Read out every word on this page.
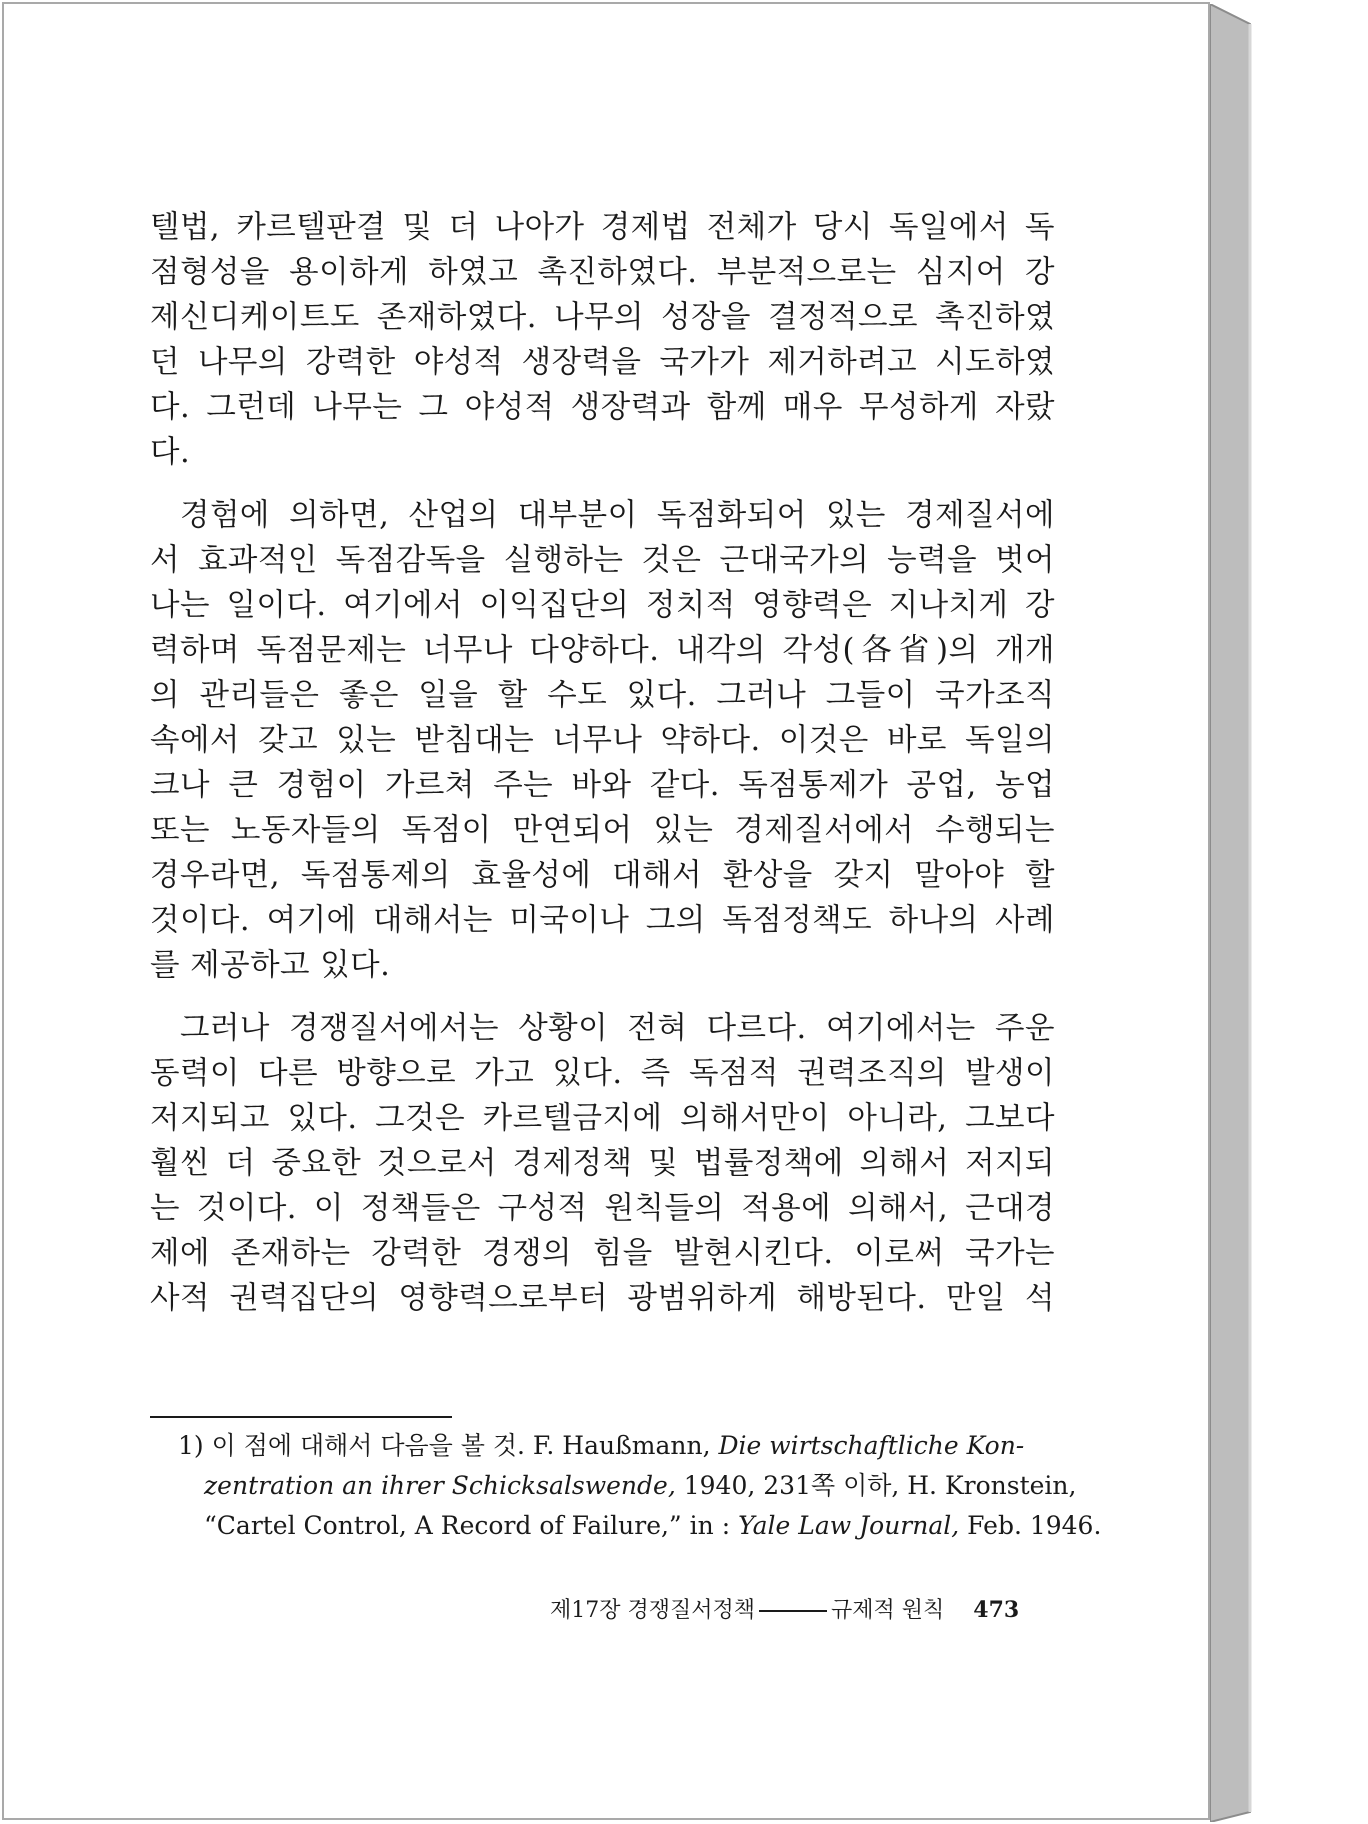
텔법, 카르텔판결 및 더 나아가 경제법 전체가 당시 독일에서 독
점형성을 용이하게 하였고 촉진하였다. 부분적으로는 심지어 강
제신디케이트도 존재하였다. 나무의 성장을 결정적으로 촉진하였
던 나무의 강력한 야성적 생장력을 국가가 제거하려고 시도하였
다. 그런데 나무는 그 야성적 생장력과 함께 매우 무성하게 자랐
다.
경험에 의하면, 산업의 대부분이 독점화되어 있는 경제질서에
서 효과적인 독점감독을 실행하는 것은 근대국가의 능력을 벗어
나는 일이다. 여기에서 이익집단의 정치적 영향력은 지나치게 강
력하며 독점문제는 너무나 다양하다. 내각의 각성(各省)의 개개
의 관리들은 좋은 일을 할 수도 있다. 그러나 그들이 국가조직
속에서 갖고 있는 받침대는 너무나 약하다. 이것은 바로 독일의
크나 큰 경험이 가르쳐 주는 바와 같다. 독점통제가 공업, 농업
또는 노동자들의 독점이 만연되어 있는 경제질서에서 수행되는
경우라면, 독점통제의 효율성에 대해서 환상을 갖지 말아야 할
것이다. 여기에 대해서는 미국이나 그의 독점정책도 하나의 사례
를 제공하고 있다.
그러나 경쟁질서에서는 상황이 전혀 다르다. 여기에서는 주운
동력이 다른 방향으로 가고 있다. 즉 독점적 권력조직의 발생이
저지되고 있다. 그것은 카르텔금지에 의해서만이 아니라, 그보다
훨씬 더 중요한 것으로서 경제정책 및 법률정책에 의해서 저지되
는 것이다. 이 정책들은 구성적 원칙들의 적용에 의해서, 근대경
제에 존재하는 강력한 경쟁의 힘을 발현시킨다. 이로써 국가는
사적 권력집단의 영향력으로부터 광범위하게 해방된다. 만일 석
1) 이 점에 대해서 다음을 볼 것. F. Haußmann, Die wirtschaftliche Kon-
zentration an ihrer Schicksalswende, 1940, 231쪽 이하, H. Kronstein,
“Cartel Control, A Record of Failure,” in : Yale Law Journal, Feb. 1946.
제17장 경쟁질서정책	규제적 원칙 473
